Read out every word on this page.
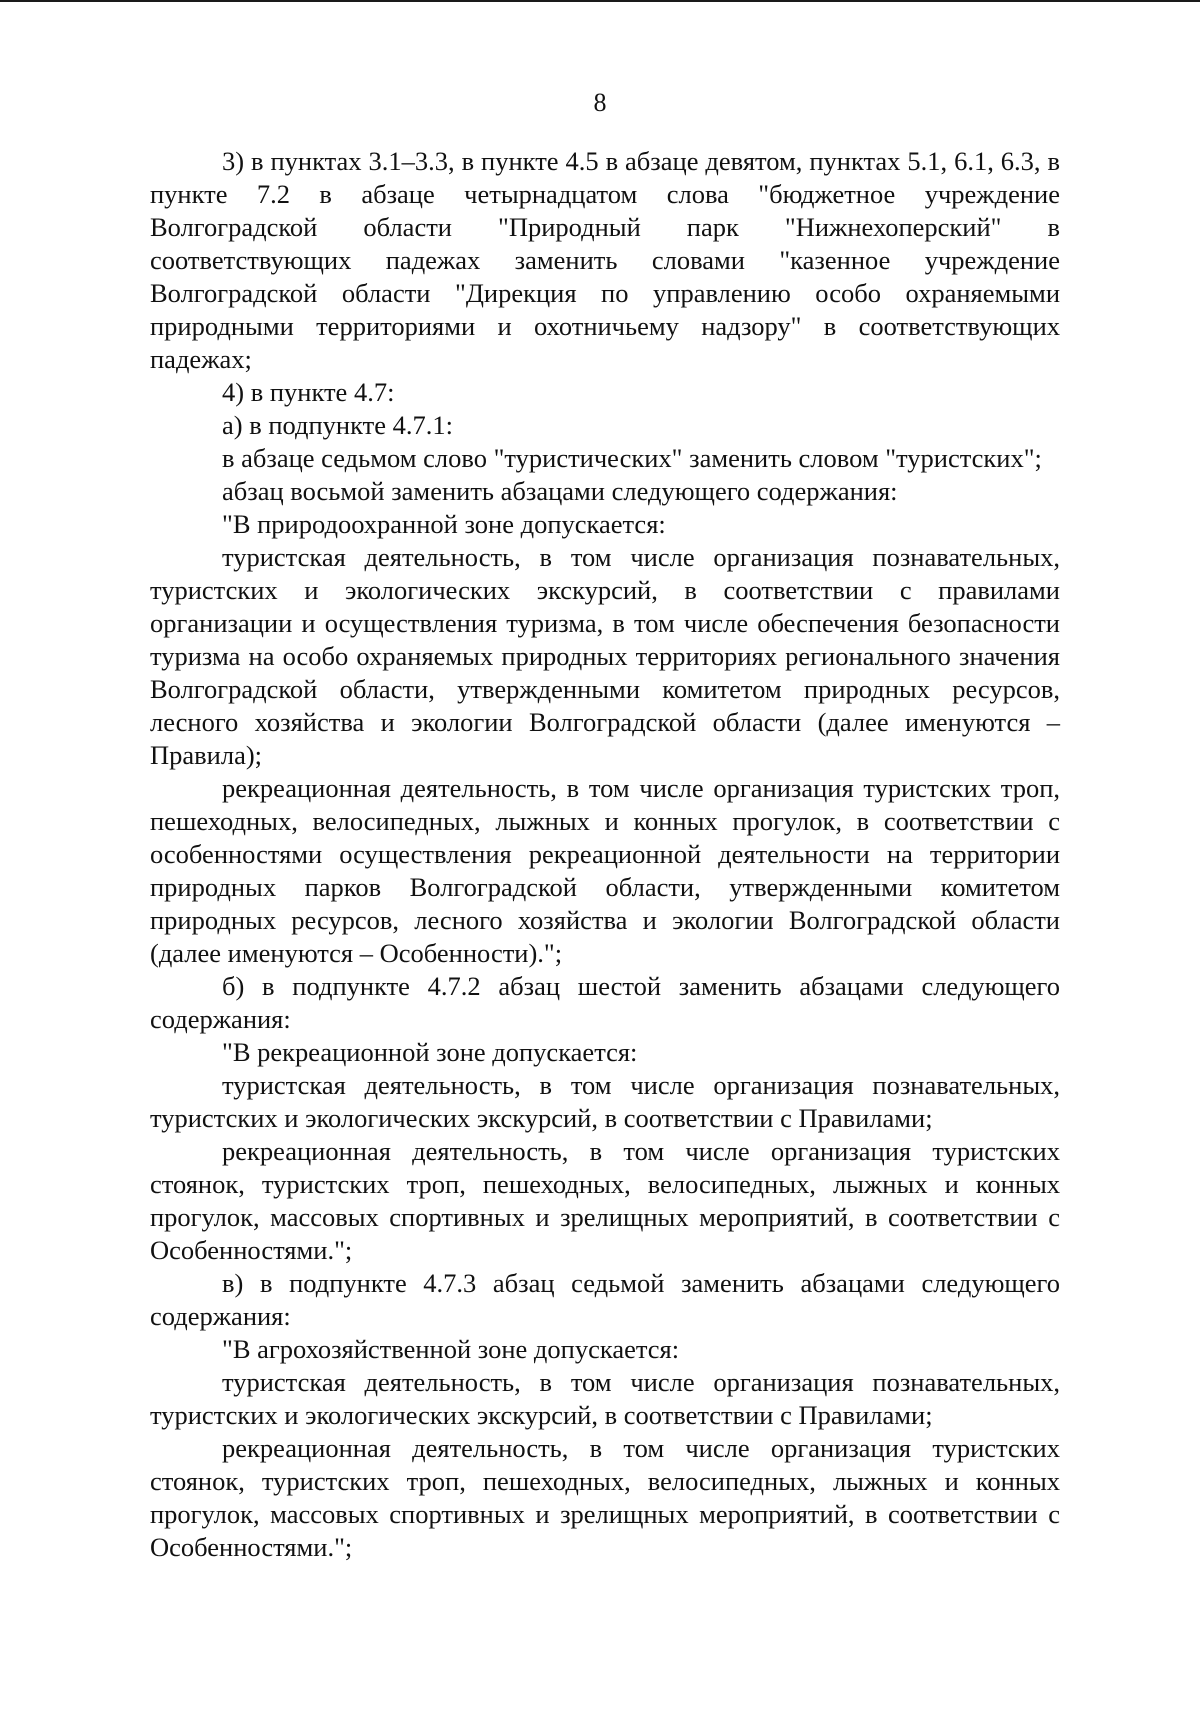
8

3) в пунктах 3.1–3.3, в пункте 4.5 в абзаце девятом, пунктах 5.1, 6.1, 6.3, в пункте 7.2 в абзаце четырнадцатом слова "бюджетное учреждение Волгоградской области "Природный парк "Нижнехоперский" в соответствующих падежах заменить словами "казенное учреждение Волгоградской области "Дирекция по управлению особо охраняемыми природными территориями и охотничьему надзору" в соответствующих падежах;

4) в пункте 4.7:

а) в подпункте 4.7.1:

в абзаце седьмом слово "туристических" заменить словом "туристских";

абзац восьмой заменить абзацами следующего содержания:

"В природоохранной зоне допускается:

туристская деятельность, в том числе организация познавательных, туристских и экологических экскурсий, в соответствии с правилами организации и осуществления туризма, в том числе обеспечения безопасности туризма на особо охраняемых природных территориях регионального значения Волгоградской области, утвержденными комитетом природных ресурсов, лесного хозяйства и экологии Волгоградской области (далее именуются – Правила);

рекреационная деятельность, в том числе организация туристских троп, пешеходных, велосипедных, лыжных и конных прогулок, в соответствии с особенностями осуществления рекреационной деятельности на территории природных парков Волгоградской области, утвержденными комитетом природных ресурсов, лесного хозяйства и экологии Волгоградской области (далее именуются – Особенности).";

б) в подпункте 4.7.2 абзац шестой заменить абзацами следующего содержания:

"В рекреационной зоне допускается:

туристская деятельность, в том числе организация познавательных, туристских и экологических экскурсий, в соответствии с Правилами;

рекреационная деятельность, в том числе организация туристских стоянок, туристских троп, пешеходных, велосипедных, лыжных и конных прогулок, массовых спортивных и зрелищных мероприятий, в соответствии с Особенностями.";

в) в подпункте 4.7.3 абзац седьмой заменить абзацами следующего содержания:

"В агрохозяйственной зоне допускается:

туристская деятельность, в том числе организация познавательных, туристских и экологических экскурсий, в соответствии с Правилами;

рекреационная деятельность, в том числе организация туристских стоянок, туристских троп, пешеходных, велосипедных, лыжных и конных прогулок, массовых спортивных и зрелищных мероприятий, в соответствии с Особенностями.";
